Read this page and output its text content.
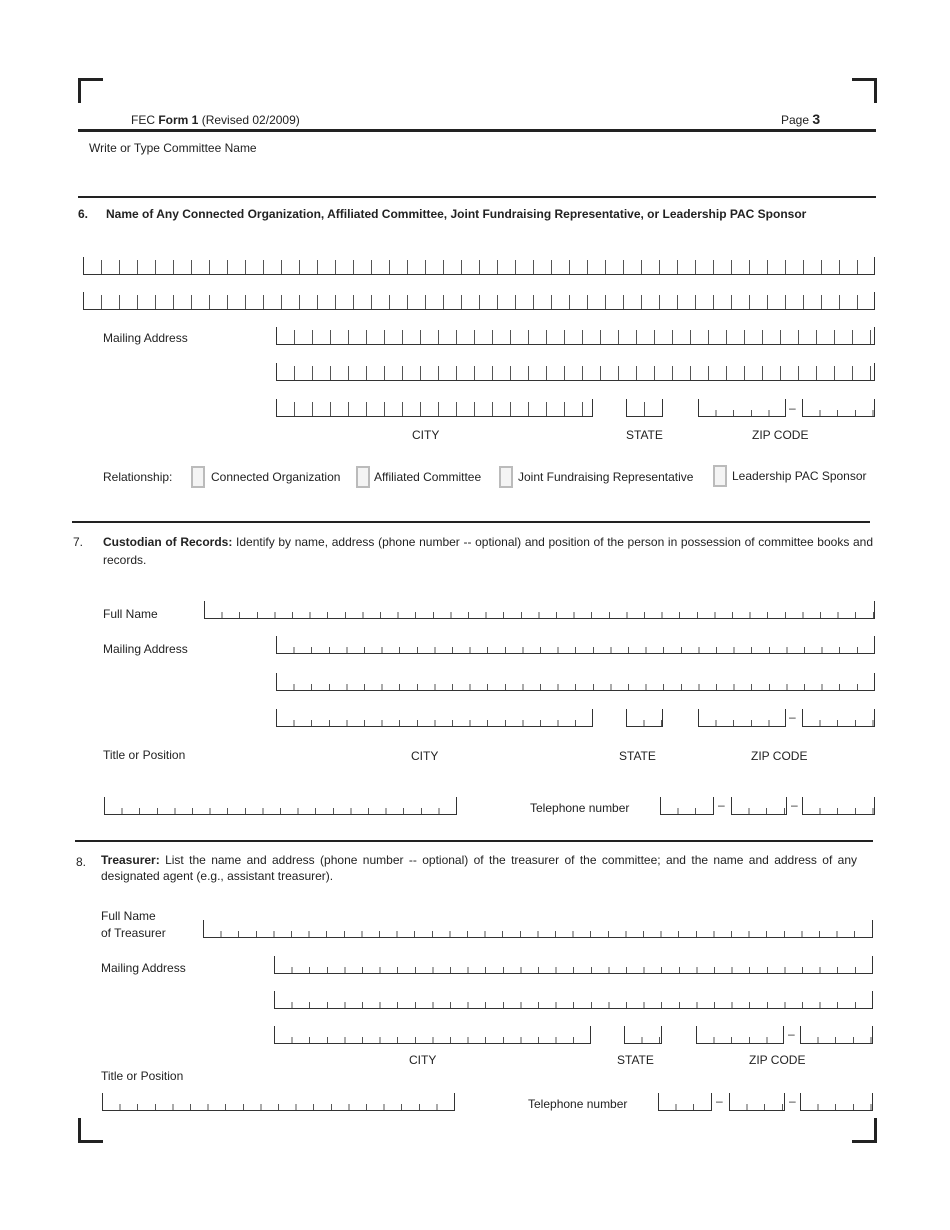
FEC Form 1 (Revised 02/2009)	Page 3
Write or Type Committee Name
6. Name of Any Connected Organization, Affiliated Committee, Joint Fundraising Representative, or Leadership PAC Sponsor
Mailing Address
–
CITY	STATE	ZIP CODE
Relationship:	Connected Organization	Affiliated Committee	Joint Fundraising Representative	Leadership PAC Sponsor
7. Custodian of Records: Identify by name, address (phone number -- optional) and position of the person in possession of committee books and records.
Full Name
Mailing Address
–
Title or Position	CITY	STATE	ZIP CODE
Telephone number	–	–
8. Treasurer: List the name and address (phone number -- optional) of the treasurer of the committee; and the name and address of any designated agent (e.g., assistant treasurer).
Full Name
of Treasurer
Mailing Address
–
CITY	STATE	ZIP CODE
Title or Position
Telephone number	–	–
